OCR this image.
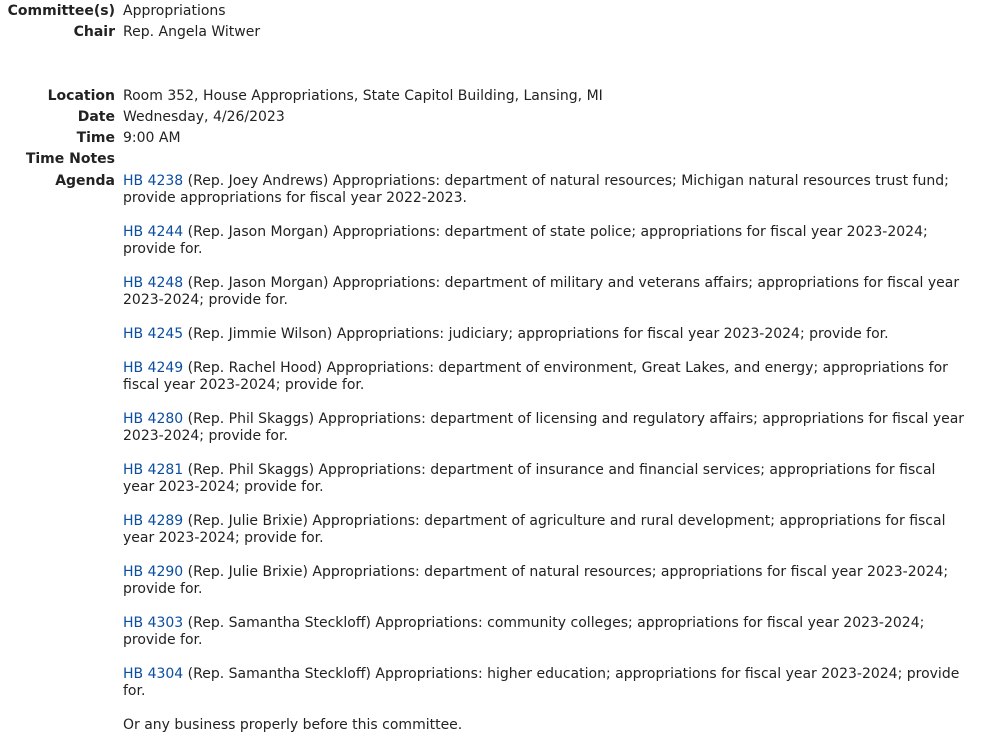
Committee(s) Appropriations
Chair Rep. Angela Witwer
Location Room 352, House Appropriations, State Capitol Building, Lansing, MI
Date Wednesday, 4/26/2023
Time 9:00 AM
Time Notes
Agenda HB 4238 (Rep. Joey Andrews) Appropriations: department of natural resources; Michigan natural resources trust fund; provide appropriations for fiscal year 2022-2023.

HB 4244 (Rep. Jason Morgan) Appropriations: department of state police; appropriations for fiscal year 2023-2024; provide for.

HB 4248 (Rep. Jason Morgan) Appropriations: department of military and veterans affairs; appropriations for fiscal year 2023-2024; provide for.

HB 4245 (Rep. Jimmie Wilson) Appropriations: judiciary; appropriations for fiscal year 2023-2024; provide for.

HB 4249 (Rep. Rachel Hood) Appropriations: department of environment, Great Lakes, and energy; appropriations for fiscal year 2023-2024; provide for.

HB 4280 (Rep. Phil Skaggs) Appropriations: department of licensing and regulatory affairs; appropriations for fiscal year 2023-2024; provide for.

HB 4281 (Rep. Phil Skaggs) Appropriations: department of insurance and financial services; appropriations for fiscal year 2023-2024; provide for.

HB 4289 (Rep. Julie Brixie) Appropriations: department of agriculture and rural development; appropriations for fiscal year 2023-2024; provide for.

HB 4290 (Rep. Julie Brixie) Appropriations: department of natural resources; appropriations for fiscal year 2023-2024; provide for.

HB 4303 (Rep. Samantha Steckloff) Appropriations: community colleges; appropriations for fiscal year 2023-2024; provide for.

HB 4304 (Rep. Samantha Steckloff) Appropriations: higher education; appropriations for fiscal year 2023-2024; provide for.

Or any business properly before this committee.
